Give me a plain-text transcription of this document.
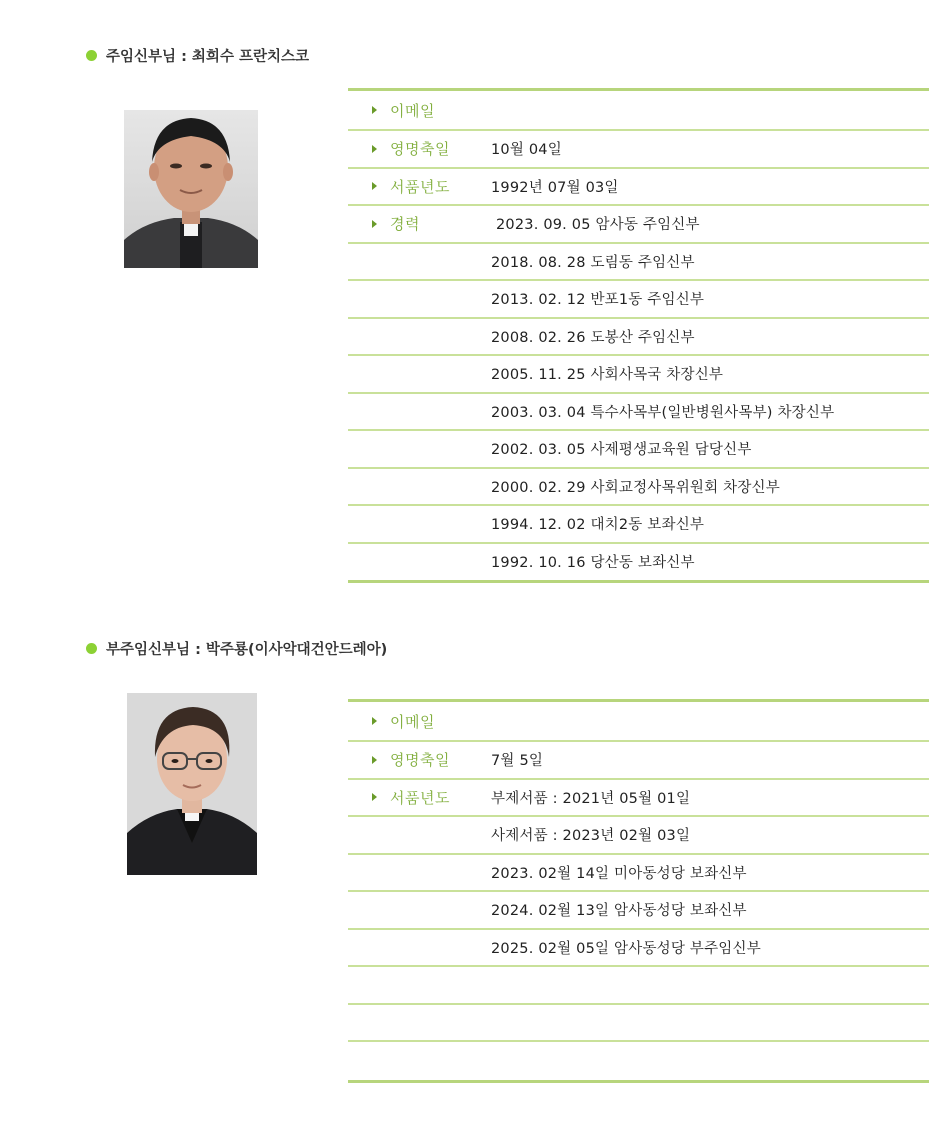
주임신부님 : 최희수 프란치스코
이메일
영명축일	10월 04일
서품년도	1992년 07월 03일
경력	2023. 09. 05 암사동 주임신부
2018. 08. 28 도림동 주임신부
2013. 02. 12 반포1동 주임신부
2008. 02. 26 도봉산 주임신부
2005. 11. 25 사회사목국 차장신부
2003. 03. 04 특수사목부(일반병원사목부) 차장신부
2002. 03. 05 사제평생교육원 담당신부
2000. 02. 29 사회교정사목위원회 차장신부
1994. 12. 02 대치2동 보좌신부
1992. 10. 16 당산동 보좌신부
부주임신부님 : 박주룡(이사악대건안드레아)
이메일
영명축일	7월 5일
서품년도	부제서품 : 2021년 05월 01일
사제서품 : 2023년 02월 03일
2023. 02월 14일 미아동성당 보좌신부
2024. 02월 13일 암사동성당 보좌신부
2025. 02월 05일 암사동성당 부주임신부
